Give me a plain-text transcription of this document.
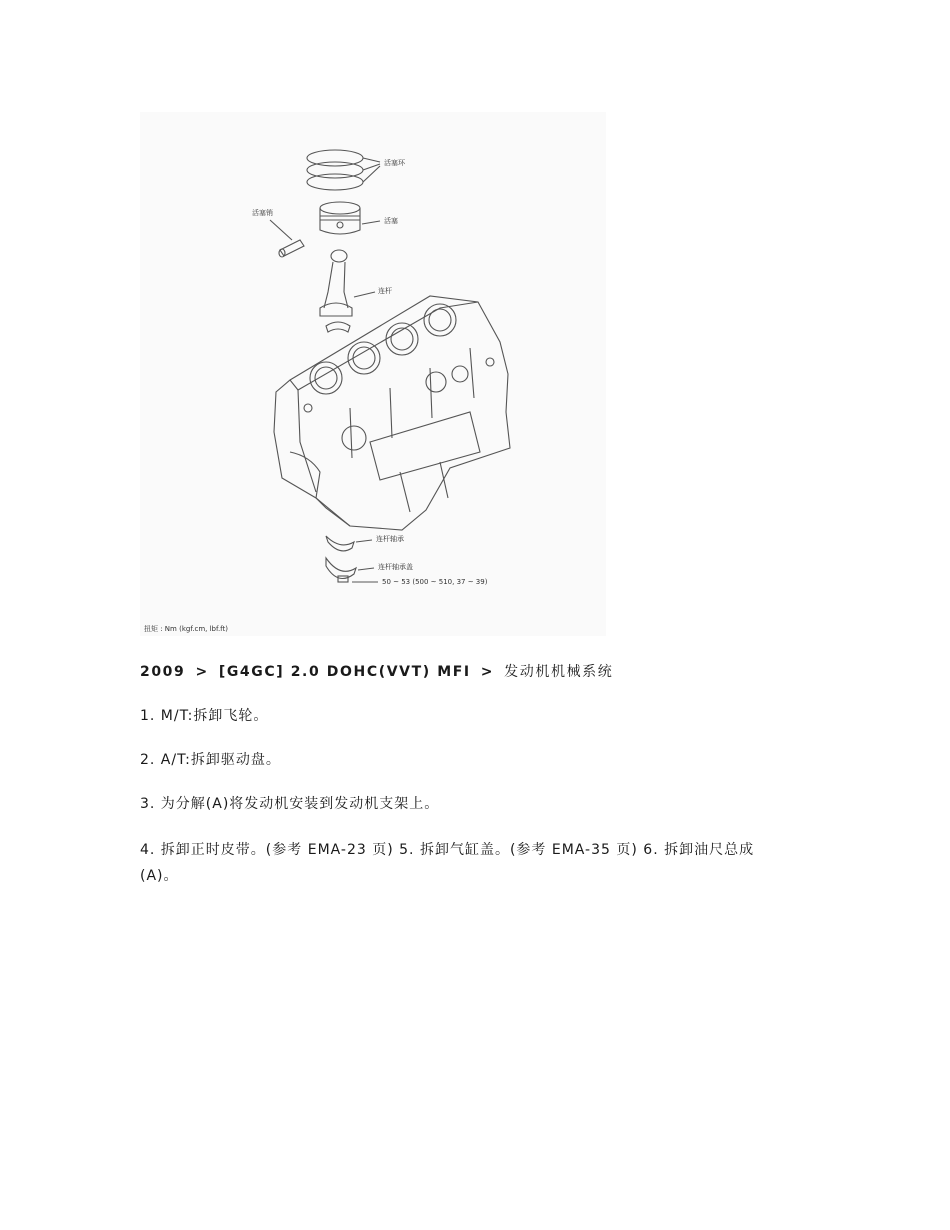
活塞环
活塞销
活塞
连杆
连杆轴承
连杆轴承盖
50 ~ 53 (500 ~ 510, 37 ~ 39)
扭矩 : Nm (kgf.cm, lbf.ft)
2009 > [G4GC] 2.0 DOHC(VVT) MFI > 发动机机械系统
1. M/T:拆卸飞轮。
2. A/T:拆卸驱动盘。
3. 为分解(A)将发动机安装到发动机支架上。
4. 拆卸正时皮带。(参考 EMA-23 页) 5. 拆卸气缸盖。(参考 EMA-35 页) 6. 拆卸油尺总成
(A)。
